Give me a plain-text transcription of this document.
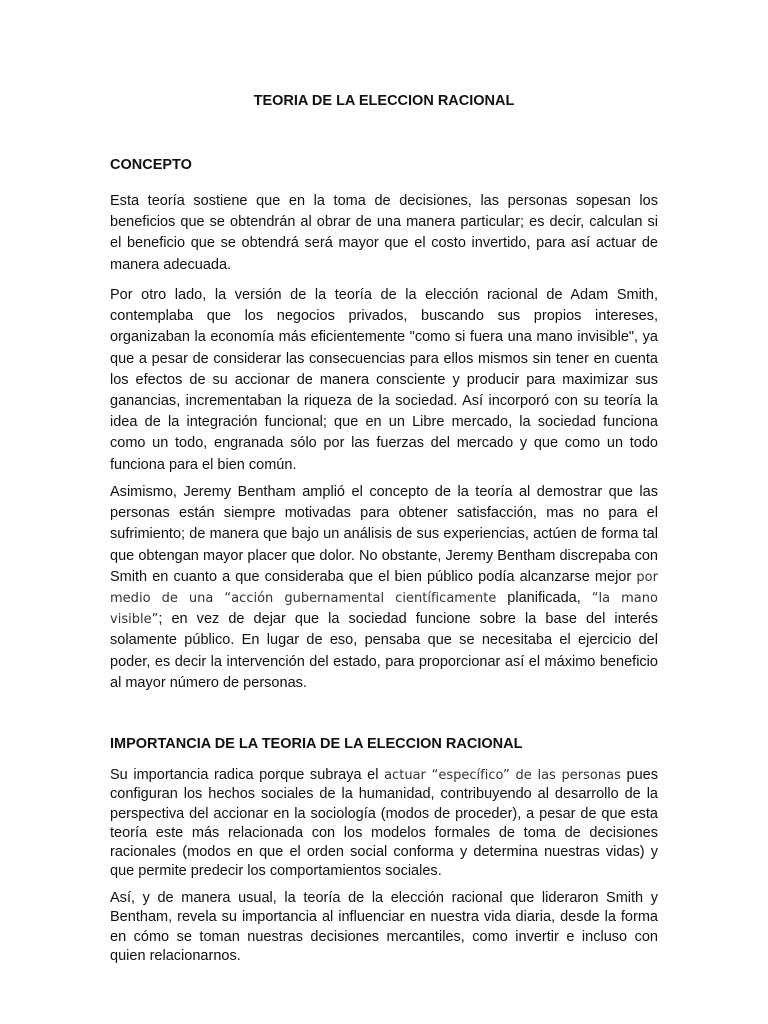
TEORIA DE LA ELECCION RACIONAL
CONCEPTO

Esta teoría sostiene que en la toma de decisiones, las personas sopesan los beneficios que se obtendrán al obrar de una manera particular; es decir, calculan si el beneficio que se obtendrá será mayor que el costo invertido, para así actuar de manera adecuada.

Por otro lado, la versión de la teoría de la elección racional de Adam Smith, contemplaba que los negocios privados, buscando sus propios intereses, organizaban la economía más eficientemente "como si fuera una mano invisible", ya que a pesar de considerar las consecuencias para ellos mismos sin tener en cuenta los efectos de su accionar de manera consciente y producir para maximizar sus ganancias, incrementaban la riqueza de la sociedad. Así incorporó con su teoría la idea de la integración funcional; que en un Libre mercado, la sociedad funciona como un todo, engranada sólo por las fuerzas del mercado y que como un todo funciona para el bien común.

Asimismo, Jeremy Bentham amplió el concepto de la teoría al demostrar que las personas están siempre motivadas para obtener satisfacción, mas no para el sufrimiento; de manera que bajo un análisis de sus experiencias, actúen de forma tal que obtengan mayor placer que dolor. No obstante, Jeremy Bentham discrepaba con Smith en cuanto a que consideraba que el bien público podía alcanzarse mejor por medio de una “acción gubernamental científicamente planificada, “la mano visible”; en vez de dejar que la sociedad funcione sobre la base del interés solamente público. En lugar de eso, pensaba que se necesitaba el ejercicio del poder, es decir la intervención del estado, para proporcionar así el máximo beneficio al mayor número de personas.

IMPORTANCIA DE LA TEORIA DE LA ELECCION RACIONAL

Su importancia radica porque subraya el actuar “específico” de las personas pues configuran los hechos sociales de la humanidad, contribuyendo al desarrollo de la perspectiva del accionar en la sociología (modos de proceder), a pesar de que esta teoría este más relacionada con los modelos formales de toma de decisiones racionales (modos en que el orden social conforma y determina nuestras vidas) y que permite predecir los comportamientos sociales.

Así, y de manera usual, la teoría de la elección racional que lideraron Smith y Bentham, revela su importancia al influenciar en nuestra vida diaria, desde la forma en cómo se toman nuestras decisiones mercantiles, como invertir e incluso con quien relacionarnos.
